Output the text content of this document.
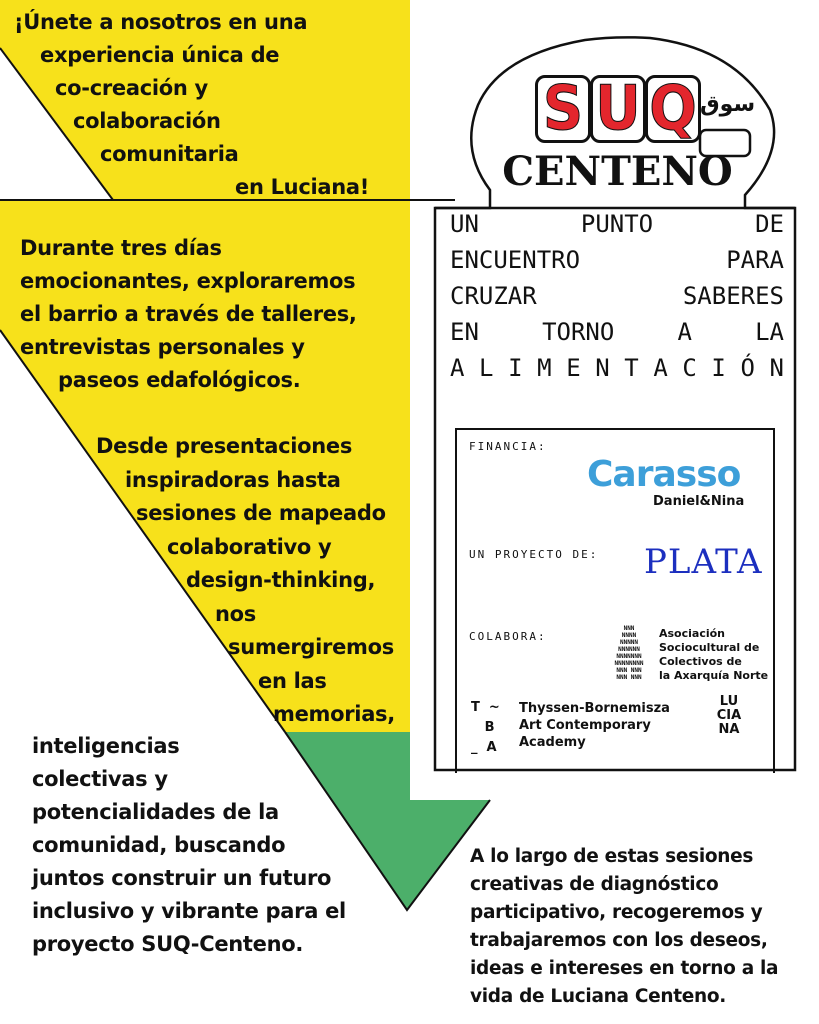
¡Únete a nosotros en una
experiencia única de
co-creación y
colaboración
comunitaria
en Luciana!
Durante tres días
emocionantes, exploraremos
el barrio a través de talleres,
entrevistas personales y
paseos edafológicos.
Desde presentaciones
inspiradoras hasta
sesiones de mapeado
colaborativo y
design-thinking,
nos
sumergiremos
en las
memorias,
inteligencias
colectivas y
potencialidades de la
comunidad, buscando
juntos construir un futuro
inclusivo y vibrante para el
proyecto SUQ-Centeno.
A lo largo de estas sesiones
creativas de diagnóstico
participativo, recogeremos y
trabajaremos con los deseos,
ideas e intereses en torno a la
vida de Luciana Centeno.
S U Q سوق
CENTENO
UN	PUNTO	DE
ENCUENTRO	PARA
CRUZAR	SABERES
EN	TORNO	A	LA
A L I M E N T A C I Ó N
FINANCIA:
Carasso
Daniel&Nina
UN PROYECTO DE: PLATA
COLABORA:
NNN
NNNN
NNNNN
NNNNNN
NNNNNNN
NNNNNNNN
NNN NNN
NNN NNN
Asociación
Sociocultural de
Colectivos de
la Axarquía Norte
T  ~
B
_  A
Thyssen-Bornemisza
Art Contemporary
Academy
LU
CIA
NA
